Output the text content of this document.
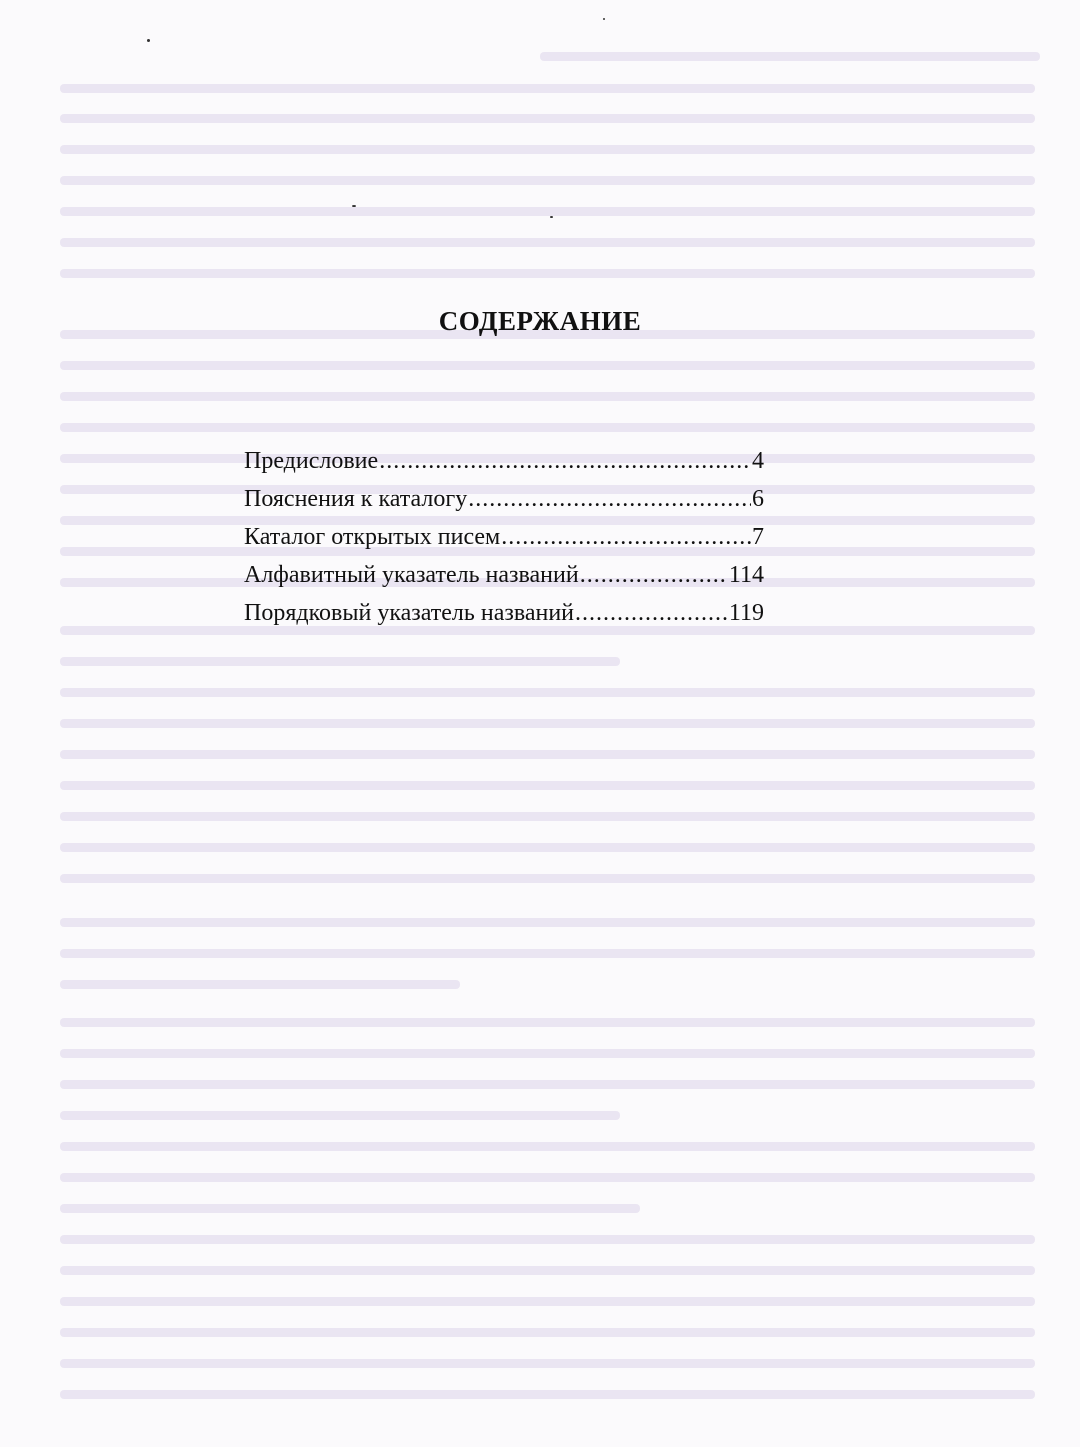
СОДЕРЖАНИЕ
Предисловие .....	4
Пояснения к каталогу .....	6
Каталог открытых писем .....	7
Алфавитный указатель названий .....	114
Порядковый указатель названий .....	119
